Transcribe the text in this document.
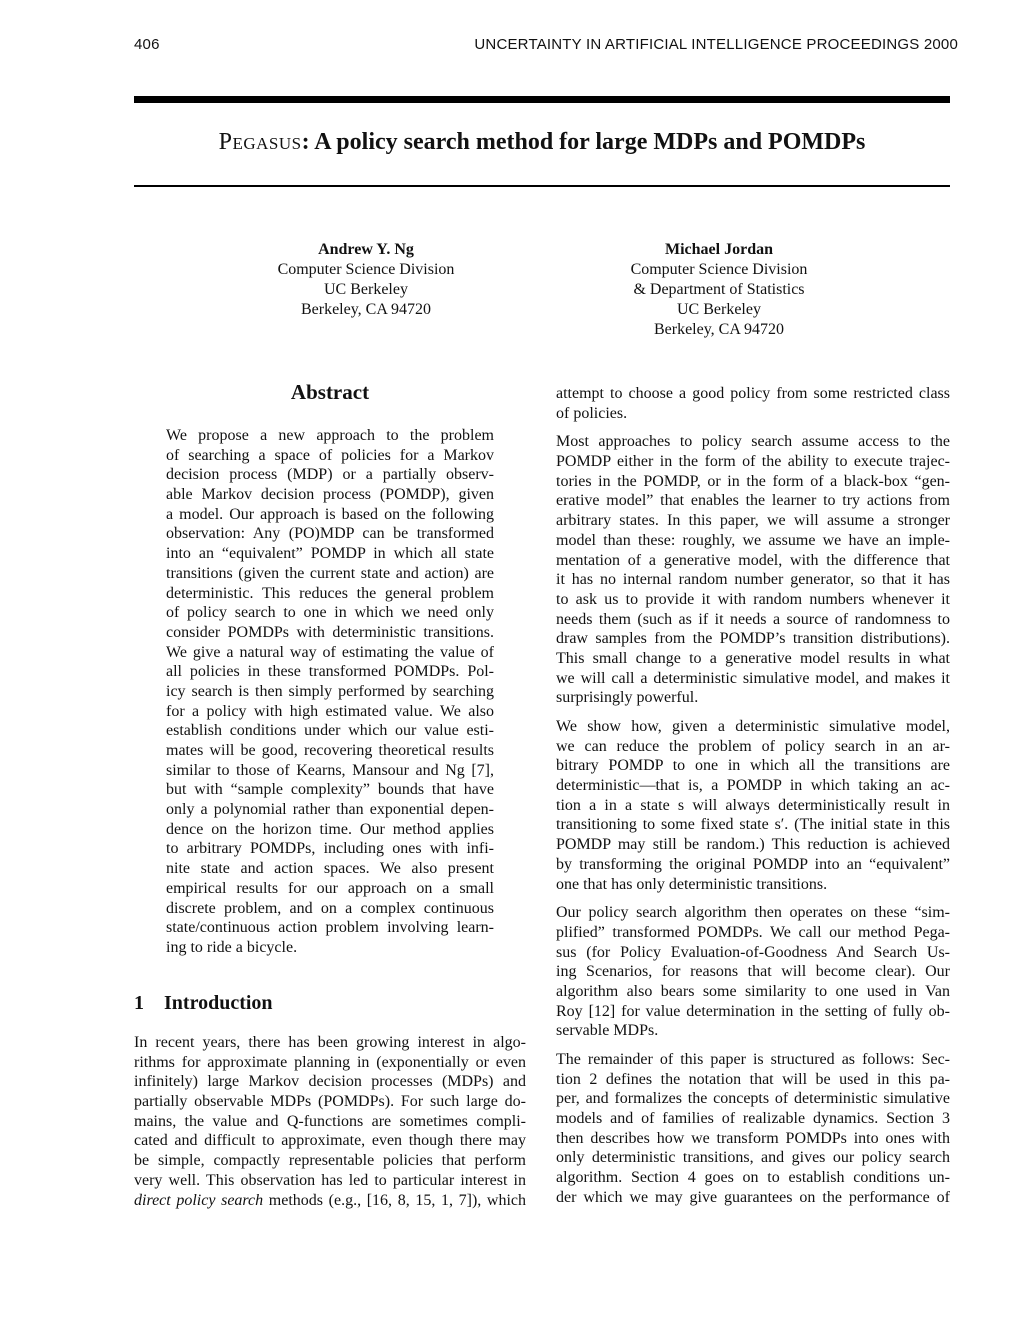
406	UNCERTAINTY IN ARTIFICIAL INTELLIGENCE PROCEEDINGS 2000
Pegasus: A policy search method for large MDPs and POMDPs
Andrew Y. Ng
Computer Science Division
UC Berkeley
Berkeley, CA 94720
Michael Jordan
Computer Science Division
& Department of Statistics
UC Berkeley
Berkeley, CA 94720
Abstract
We propose a new approach to the problem
of searching a space of policies for a Markov
decision process (MDP) or a partially observ-
able Markov decision process (POMDP), given
a model. Our approach is based on the following
observation: Any (PO)MDP can be transformed
into an “equivalent” POMDP in which all state
transitions (given the current state and action) are
deterministic. This reduces the general problem
of policy search to one in which we need only
consider POMDPs with deterministic transitions.
We give a natural way of estimating the value of
all policies in these transformed POMDPs. Pol-
icy search is then simply performed by searching
for a policy with high estimated value. We also
establish conditions under which our value esti-
mates will be good, recovering theoretical results
similar to those of Kearns, Mansour and Ng [7],
but with “sample complexity” bounds that have
only a polynomial rather than exponential depen-
dence on the horizon time. Our method applies
to arbitrary POMDPs, including ones with infi-
nite state and action spaces. We also present
empirical results for our approach on a small
discrete problem, and on a complex continuous
state/continuous action problem involving learn-
ing to ride a bicycle.
1 Introduction
In recent years, there has been growing interest in algo-
rithms for approximate planning in (exponentially or even
infinitely) large Markov decision processes (MDPs) and
partially observable MDPs (POMDPs). For such large do-
mains, the value and Q-functions are sometimes compli-
cated and difficult to approximate, even though there may
be simple, compactly representable policies that perform
very well. This observation has led to particular interest in
direct policy search methods (e.g., [16, 8, 15, 1, 7]), which
attempt to choose a good policy from some restricted class
of policies.
Most approaches to policy search assume access to the
POMDP either in the form of the ability to execute trajec-
tories in the POMDP, or in the form of a black-box “gen-
erative model” that enables the learner to try actions from
arbitrary states. In this paper, we will assume a stronger
model than these: roughly, we assume we have an imple-
mentation of a generative model, with the difference that
it has no internal random number generator, so that it has
to ask us to provide it with random numbers whenever it
needs them (such as if it needs a source of randomness to
draw samples from the POMDP’s transition distributions).
This small change to a generative model results in what
we will call a deterministic simulative model, and makes it
surprisingly powerful.
We show how, given a deterministic simulative model,
we can reduce the problem of policy search in an ar-
bitrary POMDP to one in which all the transitions are
deterministic—that is, a POMDP in which taking an ac-
tion a in a state s will always deterministically result in
transitioning to some fixed state s′. (The initial state in this
POMDP may still be random.) This reduction is achieved
by transforming the original POMDP into an “equivalent”
one that has only deterministic transitions.
Our policy search algorithm then operates on these “sim-
plified” transformed POMDPs. We call our method Pega-
sus (for Policy Evaluation-of-Goodness And Search Us-
ing Scenarios, for reasons that will become clear). Our
algorithm also bears some similarity to one used in Van
Roy [12] for value determination in the setting of fully ob-
servable MDPs.
The remainder of this paper is structured as follows: Sec-
tion 2 defines the notation that will be used in this pa-
per, and formalizes the concepts of deterministic simulative
models and of families of realizable dynamics. Section 3
then describes how we transform POMDPs into ones with
only deterministic transitions, and gives our policy search
algorithm. Section 4 goes on to establish conditions un-
der which we may give guarantees on the performance of
